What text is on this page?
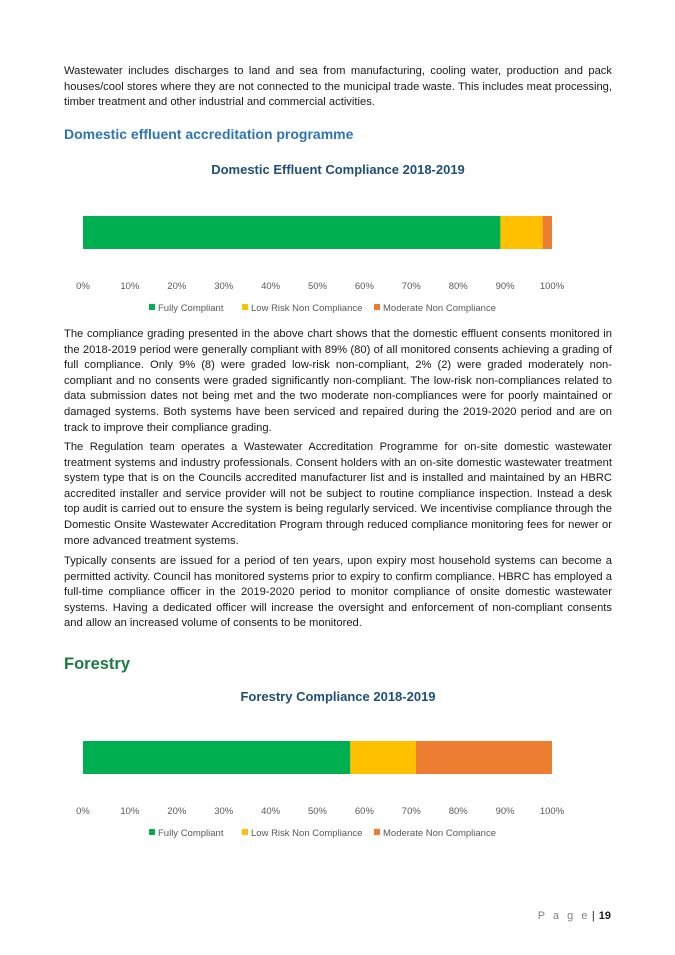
Wastewater includes discharges to land and sea from manufacturing, cooling water, production and pack houses/cool stores where they are not connected to the municipal trade waste. This includes meat processing, timber treatment and other industrial and commercial activities.

Domestic effluent accreditation programme
Domestic Effluent Compliance 2018-2019
0%	10%	20%	30%	40%	50%	60%	70%	80%	90%	100%
Fully Compliant	Low Risk Non Compliance Moderate Non Compliance

The compliance grading presented in the above chart shows that the domestic effluent consents monitored in the 2018-2019 period were generally compliant with 89% (80) of all monitored consents achieving a grading of full compliance. Only 9% (8) were graded low-risk non-compliant, 2% (2) were graded moderately non-compliant and no consents were graded significantly non-compliant. The low-risk non-compliances related to data submission dates not being met and the two moderate non-compliances were for poorly maintained or damaged systems. Both systems have been serviced and repaired during the 2019-2020 period and are on track to improve their compliance grading.

The Regulation team operates a Wastewater Accreditation Programme for on-site domestic wastewater treatment systems and industry professionals. Consent holders with an on-site domestic wastewater treatment system type that is on the Councils accredited manufacturer list and is installed and maintained by an HBRC accredited installer and service provider will not be subject to routine compliance inspection. Instead a desk top audit is carried out to ensure the system is being regularly serviced. We incentivise compliance through the Domestic Onsite Wastewater Accreditation Program through reduced compliance monitoring fees for newer or more advanced treatment systems.

Typically consents are issued for a period of ten years, upon expiry most household systems can become a permitted activity. Council has monitored systems prior to expiry to confirm compliance. HBRC has employed a full-time compliance officer in the 2019-2020 period to monitor compliance of onsite domestic wastewater systems. Having a dedicated officer will increase the oversight and enforcement of non-compliant consents and allow an increased volume of consents to be monitored.

Forestry
Forestry Compliance 2018-2019
0%	10%	20%	30%	40%	50%	60%	70%	80%	90%	100%
Fully Compliant	Low Risk Non Compliance Moderate Non Compliance
P a g e | 19
